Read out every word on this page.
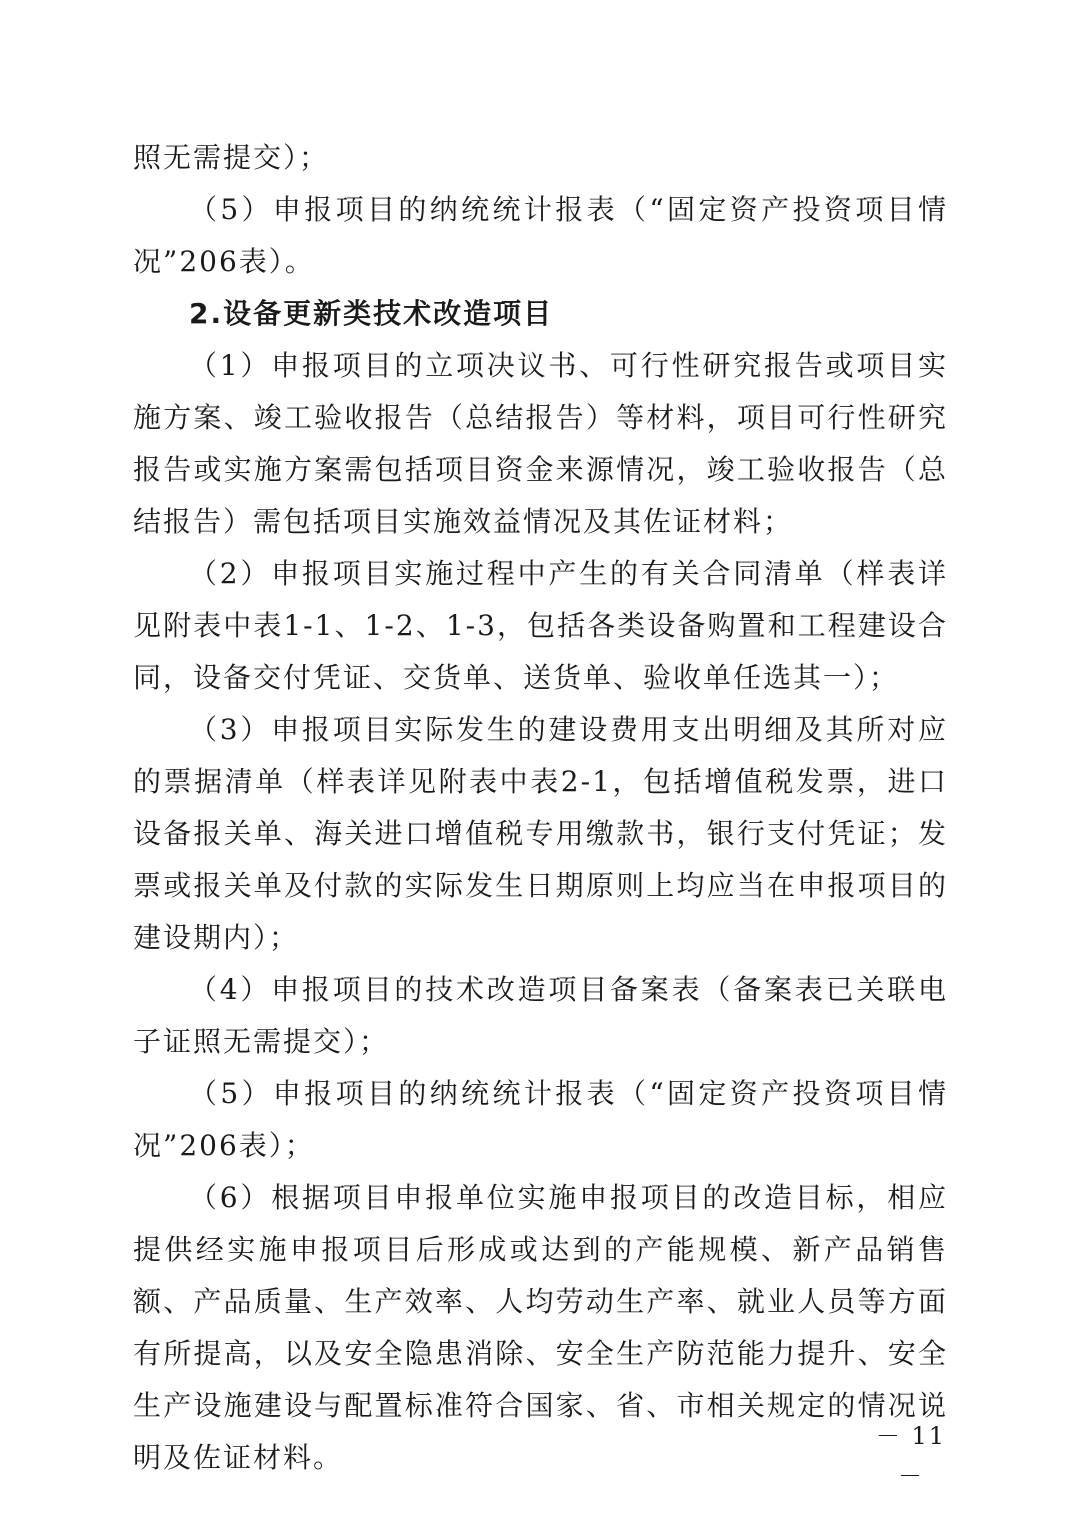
照无需提交）；

（5）申报项目的纳统统计报表（“固定资产投资项目情况”206表）。

2.设备更新类技术改造项目

（1）申报项目的立项决议书、可行性研究报告或项目实施方案、竣工验收报告（总结报告）等材料，项目可行性研究报告或实施方案需包括项目资金来源情况，竣工验收报告（总结报告）需包括项目实施效益情况及其佐证材料；

（2）申报项目实施过程中产生的有关合同清单（样表详见附表中表1-1、1-2、1-3，包括各类设备购置和工程建设合同，设备交付凭证、交货单、送货单、验收单任选其一）；

（3）申报项目实际发生的建设费用支出明细及其所对应的票据清单（样表详见附表中表2-1，包括增值税发票，进口设备报关单、海关进口增值税专用缴款书，银行支付凭证；发票或报关单及付款的实际发生日期原则上均应当在申报项目的建设期内）；

（4）申报项目的技术改造项目备案表（备案表已关联电子证照无需提交）；

（5）申报项目的纳统统计报表（“固定资产投资项目情况”206表）；

（6）根据项目申报单位实施申报项目的改造目标，相应提供经实施申报项目后形成或达到的产能规模、新产品销售额、产品质量、生产效率、人均劳动生产率、就业人员等方面有所提高，以及安全隐患消除、安全生产防范能力提升、安全生产设施建设与配置标准符合国家、省、市相关规定的情况说明及佐证材料。

－ 11 －
